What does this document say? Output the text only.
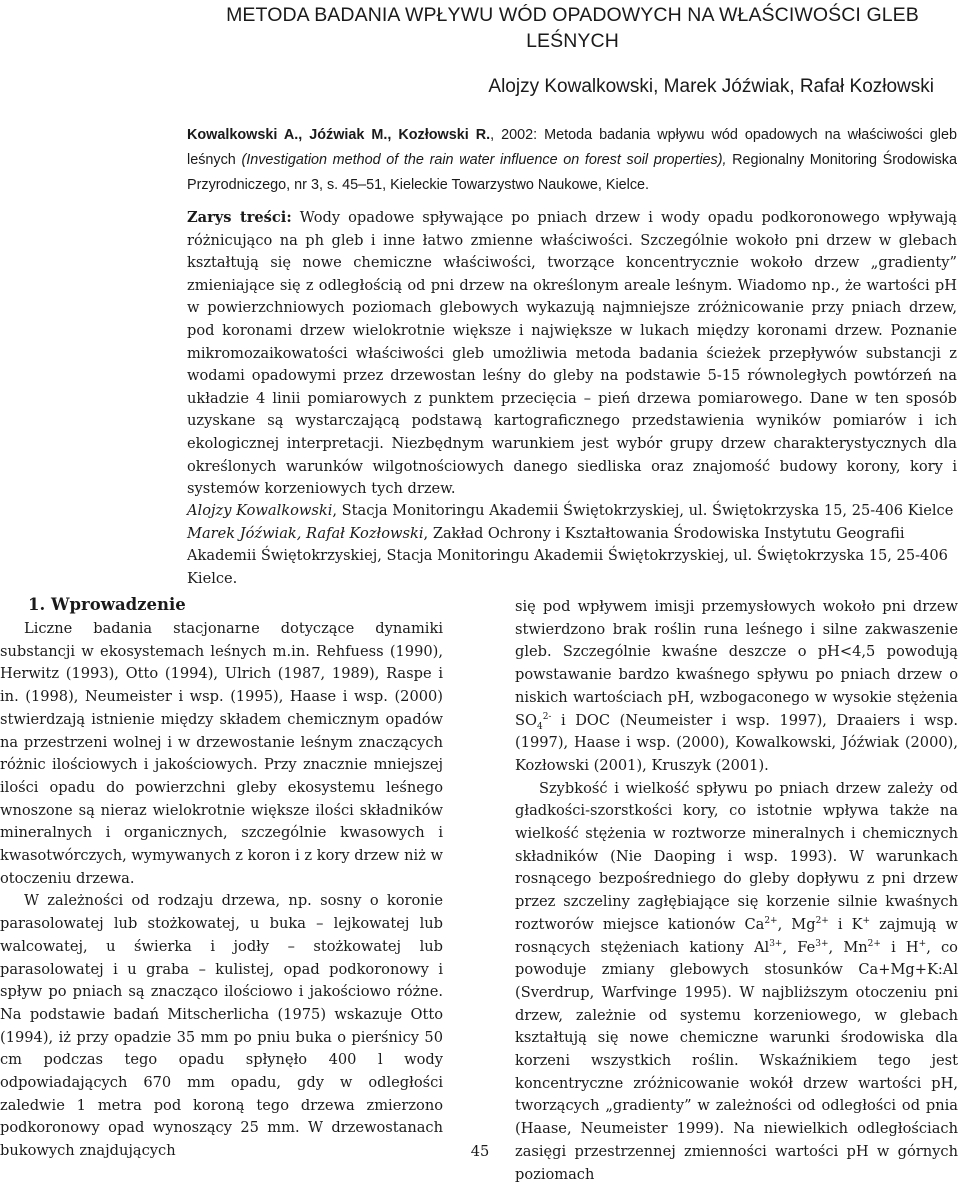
METODA BADANIA WPŁYWU WÓD OPADOWYCH NA WŁAŚCIWOŚCI GLEB LEŚNYCH
Alojzy Kowalkowski, Marek Jóźwiak, Rafał Kozłowski
Kowalkowski A., Jóźwiak M., Kozłowski R., 2002: Metoda badania wpływu wód opadowych na właściwości gleb leśnych (Investigation method of the rain water influence on forest soil properties), Regionalny Monitoring Środowiska Przyrodniczego, nr 3, s. 45–51, Kieleckie Towarzystwo Naukowe, Kielce.
Zarys treści: Wody opadowe spływające po pniach drzew i wody opadu podkoronowego wpływają różnicująco na ph gleb i inne łatwo zmienne właściwości. Szczególnie wokoło pni drzew w glebach kształtują się nowe chemiczne właściwości, tworzące koncentrycznie wokoło drzew „gradienty” zmieniające się z odległością od pni drzew na określonym areale leśnym. Wiadomo np., że wartości pH w powierzchniowych poziomach glebowych wykazują najmniejsze zróżnicowanie przy pniach drzew, pod koronami drzew wielokrotnie większe i największe w lukach między koronami drzew. Poznanie mikromozaikowatości właściwości gleb umożliwia metoda badania ścieżek przepływów substancji z wodami opadowymi przez drzewostan leśny do gleby na podstawie 5-15 równoległych powtórzeń na układzie 4 linii pomiarowych z punktem przecięcia – pień drzewa pomiarowego. Dane w ten sposób uzyskane są wystarczającą podstawą kartograficznego przedstawienia wyników pomiarów i ich ekologicznej interpretacji. Niezbędnym warunkiem jest wybór grupy drzew charakterystycznych dla określonych warunków wilgotnościowych danego siedliska oraz znajomość budowy korony, kory i systemów korzeniowych tych drzew.

Alojzy Kowalkowski, Stacja Monitoringu Akademii Świętokrzyskiej, ul. Świętokrzyska 15, 25-406 Kielce

Marek Jóźwiak, Rafał Kozłowski, Zakład Ochrony i Kształtowania Środowiska Instytutu Geografii Akademii Świętokrzyskiej, Stacja Monitoringu Akademii Świętokrzyskiej, ul. Świętokrzyska 15, 25-406 Kielce.

1. Wprowadzenie

Liczne badania stacjonarne dotyczące dynamiki substancji w ekosystemach leśnych m.in. Rehfuess (1990), Herwitz (1993), Otto (1994), Ulrich (1987, 1989), Raspe i in. (1998), Neumeister i wsp. (1995), Haase i wsp. (2000) stwierdzają istnienie między składem chemicznym opadów na przestrzeni wolnej i w drzewostanie leśnym znaczących różnic ilościowych i jakościowych. Przy znacznie mniejszej ilości opadu do powierzchni gleby ekosystemu leśnego wnoszone są nieraz wielokrotnie większe ilości składników mineralnych i organicznych, szczególnie kwasowych i kwasotwórczych, wymywanych z koron i z kory drzew niż w otoczeniu drzewa.

W zależności od rodzaju drzewa, np. sosny o koronie parasolowatej lub stożkowatej, u buka – lejkowatej lub walcowatej, u świerka i jodły – stożkowatej lub parasolowatej i u graba – kulistej, opad podkoronowy i spływ po pniach są znacząco ilościowo i jakościowo różne. Na podstawie badań Mitscherlicha (1975) wskazuje Otto (1994), iż przy opadzie 35 mm po pniu buka o pierśnicy 50 cm podczas tego opadu spłynęło 400 l wody odpowiadających 670 mm opadu, gdy w odległości zaledwie 1 metra pod koroną tego drzewa zmierzono podkoronowy opad wynoszący 25 mm. W drzewostanach bukowych znajdujących

się pod wpływem imisji przemysłowych wokoło pni drzew stwierdzono brak roślin runa leśnego i silne zakwaszenie gleb. Szczególnie kwaśne deszcze o pH<4,5 powodują powstawanie bardzo kwaśnego spływu po pniach drzew o niskich wartościach pH, wzbogaconego w wysokie stężenia $SO_4^{2-}$ i DOC (Neumeister i wsp. 1997), Draaiers i wsp. (1997), Haase i wsp. (2000), Kowalkowski, Jóźwiak (2000), Kozłowski (2001), Kruszyk (2001).

Szybkość i wielkość spływu po pniach drzew zależy od gładkości-szorstkości kory, co istotnie wpływa także na wielkość stężenia w roztworze mineralnych i chemicznych składników (Nie Daoping i wsp. 1993). W warunkach rosnącego bezpośredniego do gleby dopływu z pni drzew przez szczeliny zagłębiające się korzenie silnie kwaśnych roztworów miejsce kationów $Ca^{2+}$, $Mg^{2+}$ i K+ zajmują w rosnących stężeniach kationy $Al^{3+}$, $Fe^{3+}$, $Mn^{2+}$ i H+, co powoduje zmiany glebowych stosunków Ca+Mg+K:Al (Sverdrup, Warfvinge 1995). W najbliższym otoczeniu pni drzew, zależnie od systemu korzeniowego, w glebach kształtują się nowe chemiczne warunki środowiska dla korzeni wszystkich roślin. Wskaźnikiem tego jest koncentryczne zróżnicowanie wokół drzew wartości pH, tworzących „gradienty” w zależności od odległości od pnia (Haase, Neumeister 1999). Na niewielkich odległościach zasięgi przestrzennej zmienności wartości pH w górnych poziomach

45
